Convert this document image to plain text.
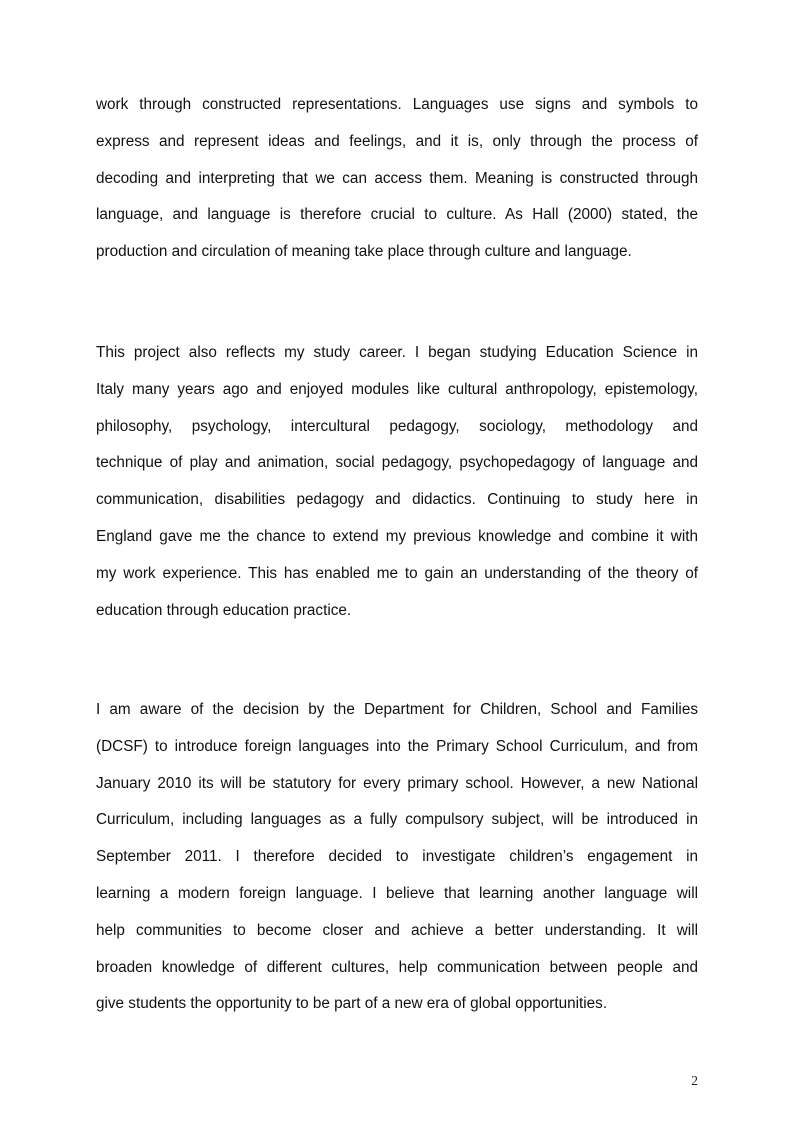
work through constructed representations. Languages use signs and symbols to
express and represent ideas and feelings, and it is, only through the process of
decoding and interpreting that we can access them. Meaning is constructed through
language, and language is therefore crucial to culture. As Hall (2000) stated, the
production and circulation of meaning take place through culture and language.
This project also reflects my study career. I began studying Education Science in
Italy many years ago and enjoyed modules like cultural anthropology, epistemology,
philosophy, psychology, intercultural pedagogy, sociology, methodology and
technique of play and animation, social pedagogy, psychopedagogy of language and
communication, disabilities pedagogy and didactics. Continuing to study here in
England gave me the chance to extend my previous knowledge and combine it with
my work experience. This has enabled me to gain an understanding of the theory of
education through education practice.
I am aware of the decision by the Department for Children, School and Families
(DCSF) to introduce foreign languages into the Primary School Curriculum, and from
January 2010 its will be statutory for every primary school. However, a new National
Curriculum, including languages as a fully compulsory subject, will be introduced in
September 2011. I therefore decided to investigate children’s engagement in
learning a modern foreign language. I believe that learning another language will
help communities to become closer and achieve a better understanding. It will
broaden knowledge of different cultures, help communication between people and
give students the opportunity to be part of a new era of global opportunities.
2
